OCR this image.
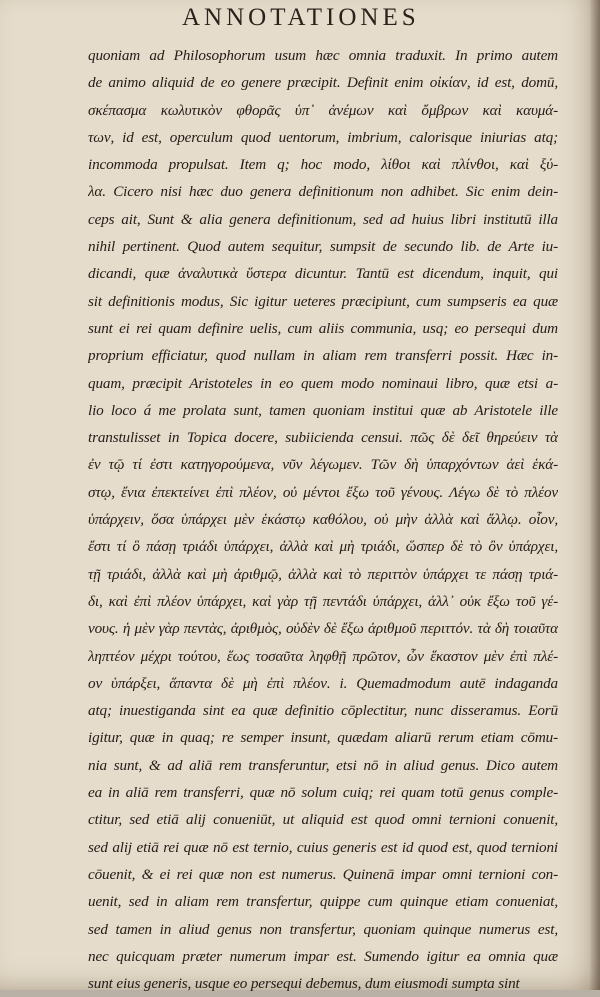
ANNOTATIONES
quoniam ad Philosophorum usum hæc omnia traduxit. In primo autem
de animo aliquid de eo genere præcipit. Definit enim οἰκίαν, id est, domū,
σκέπασμα κωλυτικὸν φθορᾶς ὑπ᾽ ἀνέμων καὶ ὄμβρων καὶ καυμά-
των, id est, operculum quod uentorum, imbrium, calorisque iniurias atq;
incommoda propulsat. Item q; hoc modo, λίθοι καὶ πλίνθοι, καὶ ξύ-
λα. Cicero nisi hæc duo genera definitionum non adhibet. Sic enim dein-
ceps ait, Sunt & alia genera definitionum, sed ad huius libri institutū illa
nihil pertinent. Quod autem sequitur, sumpsit de secundo lib. de Arte iu-
dicandi, quæ ἀναλυτικὰ ὕστερα dicuntur. Tantū est dicendum, inquit, qui
sit definitionis modus, Sic igitur ueteres præcipiunt, cum sumpseris ea quæ
sunt ei rei quam definire uelis, cum aliis communia, usq; eo persequi dum
proprium efficiatur, quod nullam in aliam rem transferri possit. Hæc in-
quam, præcipit Aristoteles in eo quem modo nominaui libro, quæ etsi a-
lio loco á me prolata sunt, tamen quoniam institui quæ ab Aristotele ille
transtulisset in Topica docere, subiicienda censui. πῶς δὲ δεῖ θηρεύειν τὰ
ἐν τῷ τί ἐστι κατηγορούμενα, νῦν λέγωμεν. Τῶν δὴ ὑπαρχόντων ἀεὶ ἑκά-
στῳ, ἔνια ἐπεκτείνει ἐπὶ πλέον, οὐ μέντοι ἔξω τοῦ γένους. Λέγω δὲ τὸ πλέον
ὑπάρχειν, ὅσα ὑπάρχει μὲν ἑκάστῳ καθόλου, οὐ μὴν ἀλλὰ καὶ ἄλλῳ. οἷον,
ἔστι τί ὃ πάσῃ τριάδι ὑπάρχει, ἀλλὰ καὶ μὴ τριάδι, ὥσπερ δὲ τὸ ὂν ὑπάρχει,
τῇ τριάδι, ἀλλὰ καὶ μὴ ἀριθμῷ, ἀλλὰ καὶ τὸ περιττὸν ὑπάρχει τε πάσῃ τριά-
δι, καὶ ἐπὶ πλέον ὑπάρχει, καὶ γὰρ τῇ πεντάδι ὑπάρχει, ἀλλ᾽ οὐκ ἔξω τοῦ γέ-
νους. ἡ μὲν γὰρ πεντὰς, ἀριθμὸς, οὐδὲν δὲ ἔξω ἀριθμοῦ περιττόν. τὰ δὴ τοιαῦτα
ληπτέον μέχρι τούτου, ἕως τοσαῦτα ληφθῇ πρῶτον, ὧν ἕκαστον μὲν ἐπὶ πλέ-
ον ὑπάρξει, ἅπαντα δὲ μὴ ἐπὶ πλέον. i. Quemadmodum autē indaganda
atq; inuestiganda sint ea quæ definitio cōplectitur, nunc disseramus. Eorū
igitur, quæ in quaq; re semper insunt, quædam aliarū rerum etiam cōmu-
nia sunt, & ad aliā rem transferuntur, etsi nō in aliud genus. Dico autem
ea in aliā rem transferri, quæ nō solum cuiq; rei quam totū genus comple-
ctitur, sed etiā alij conueniūt, ut aliquid est quod omni ternioni conuenit,
sed alij etiā rei quæ nō est ternio, cuius generis est id quod est, quod ternioni
cōuenit, & ei rei quæ non est numerus. Quinenā impar omni ternioni con-
uenit, sed in aliam rem transfertur, quippe cum quinque etiam conueniat,
sed tamen in aliud genus non transfertur, quoniam quinque numerus est,
nec quicquam præter numerum impar est. Sumendo igitur ea omnia quæ
sunt eius generis, usque eo persequi debemus, dum eiusmodi sumpta sint
